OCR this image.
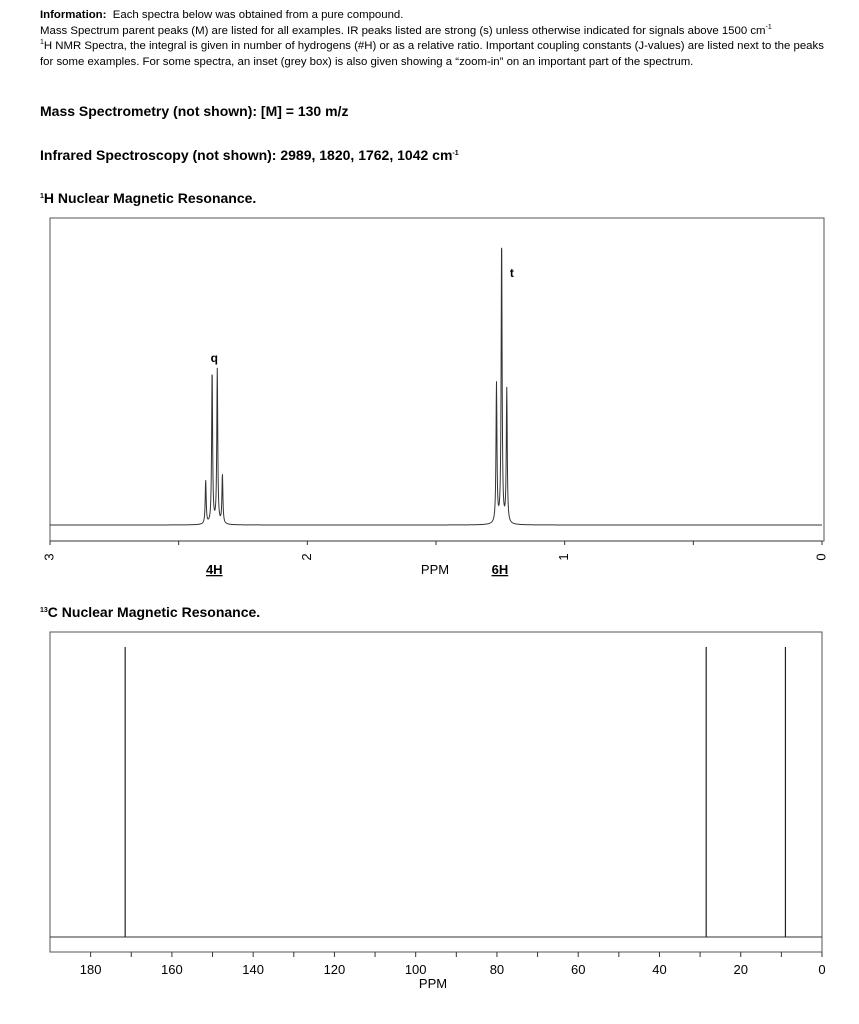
Information: Each spectra below was obtained from a pure compound.

Mass Spectrum parent peaks (M) are listed for all examples. IR peaks listed are strong (s) unless otherwise indicated for signals above 1500 $cm^{-1}$

$^1$H NMR Spectra, the integral is given in number of hydrogens (#H) or as a relative ratio. Important coupling constants (J-values) are listed next to the peaks for some examples. For some spectra, an inset (grey box) is also given showing a “zoom-in” on an important part of the spectrum.

Mass Spectrometry (not shown): [M] = 130 m/z
Infrared Spectroscopy (not shown): 2989, 1820, 1762, 1042 $cm^{-1}$
$^1$H Nuclear Magnetic Resonance.
$^{13}$C Nuclear Magnetic Resonance.
q
4H
t
6H
3	2	1	0
PPM
180	160	140	120	100	80	60	40	20	0
PPM
